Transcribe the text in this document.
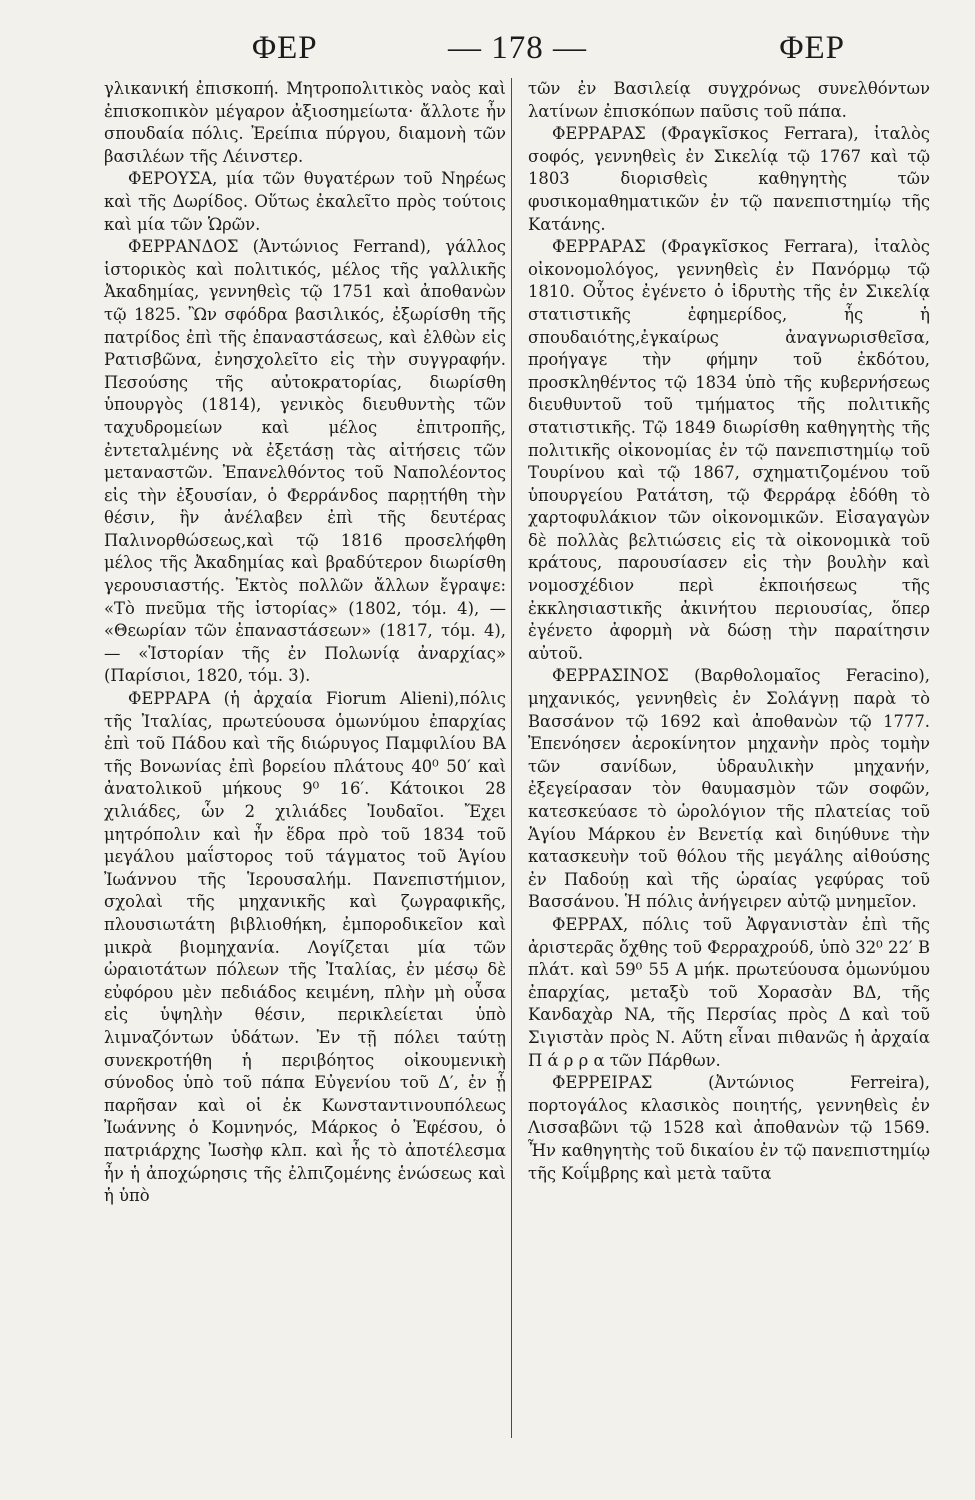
ΦΕΡ	— 178 —	ΦΕΡ

γλικανική ἐπισκοπή. Μητροπολιτικὸς ναὸς καὶ ἐπισκοπικὸν μέγαρον ἀξιοσημείωτα· ἄλλοτε ἦν σπουδαία πόλις. Ἐρείπια πύργου, διαμονὴ τῶν βασιλέων τῆς Λέινστερ.

ΦΕΡΟΥΣΑ, μία τῶν θυγατέρων τοῦ Νηρέως καὶ τῆς Δωρίδος. Οὕτως ἐκαλεῖτο πρὸς τούτοις καὶ μία τῶν Ὡρῶν.

ΦΕΡΡΑΝΔΟΣ (Ἀντώνιος Ferrand), γάλλος ἱστορικὸς καὶ πολιτικός, μέλος τῆς γαλλικῆς Ἀκαδημίας, γεννηθεὶς τῷ 1751 καὶ ἀποθανὼν τῷ 1825. Ὢν σφόδρα βασιλικός, ἐξωρίσθη τῆς πατρίδος ἐπὶ τῆς ἐπαναστάσεως, καὶ ἐλθὼν εἰς Ρατισβῶνα, ἐνησχολεῖτο εἰς τὴν συγγραφήν. Πεσούσης τῆς αὐτοκρατορίας, διωρίσθη ὑπουργὸς (1814), γενικὸς διευθυντὴς τῶν ταχυδρομείων καὶ μέλος ἐπιτροπῆς, ἐντεταλμένης νὰ ἐξετάσῃ τὰς αἰτήσεις τῶν μεταναστῶν. Ἐπανελθόντος τοῦ Ναπολέοντος εἰς τὴν ἐξουσίαν, ὁ Φερράνδος παρῃτήθη τὴν θέσιν, ἣν ἀνέλαβεν ἐπὶ τῆς δευτέρας Παλινορθώσεως,καὶ τῷ 1816 προσελήφθη μέλος τῆς Ἀκαδημίας καὶ βραδύτερον διωρίσθη γερουσιαστής. Ἐκτὸς πολλῶν ἄλλων ἔγραψε: «Τὸ πνεῦμα τῆς ἱστορίας» (1802, τόμ. 4), — «Θεωρίαν τῶν ἐπαναστάσεων» (1817, τόμ. 4),— «Ἱστορίαν τῆς ἐν Πολωνίᾳ ἀναρχίας» (Παρίσιοι, 1820, τόμ. 3).

ΦΕΡΡΑΡΑ (ἡ ἀρχαία Fiorum Alieni),πόλις τῆς Ἰταλίας, πρωτεύουσα ὁμωνύμου ἐπαρχίας ἐπὶ τοῦ Πάδου καὶ τῆς διώρυγος Παμφιλίου ΒΑ τῆς Βονωνίας ἐπὶ βορείου πλάτους 40⁰ 50′ καὶ ἀνατολικοῦ μήκους 9⁰ 16′. Κάτοικοι 28 χιλιάδες, ὧν 2 χιλιάδες Ἰουδαῖοι. Ἔχει μητρόπολιν καὶ ἦν ἕδρα πρὸ τοῦ 1834 τοῦ μεγάλου μαΐστορος τοῦ τάγματος τοῦ Ἁγίου Ἰωάννου τῆς Ἱερουσαλήμ. Πανεπιστήμιον, σχολαὶ τῆς μηχανικῆς καὶ ζωγραφικῆς, πλουσιωτάτη βιβλιοθήκη, ἐμποροδικεῖον καὶ μικρὰ βιομηχανία. Λογίζεται μία τῶν ὡραιοτάτων πόλεων τῆς Ἰταλίας, ἐν μέσῳ δὲ εὐφόρου μὲν πεδιάδος κειμένη, πλὴν μὴ οὖσα εἰς ὑψηλὴν θέσιν, περικλείεται ὑπὸ λιμναζόντων ὑδάτων. Ἐν τῇ πόλει ταύτῃ συνεκροτήθη ἡ περιβόητος οἰκουμενικὴ σύνοδος ὑπὸ τοῦ πάπα Εὐγενίου τοῦ Δ′, ἐν ᾗ παρῆσαν καὶ οἱ ἐκ Κωνσταντινουπόλεως Ἰωάννης ὁ Κομνηνός, Μάρκος ὁ Ἐφέσου, ὁ πατριάρχης Ἰωσὴφ κλπ. καὶ ἧς τὸ ἀποτέλεσμα ἦν ἡ ἀποχώρησις τῆς ἐλπιζομένης ἑνώσεως καὶ ἡ ὑπὸ

τῶν ἐν Βασιλείᾳ συγχρόνως συνελθόντων λατίνων ἐπισκόπων παῦσις τοῦ πάπα.

ΦΕΡΡΑΡΑΣ (Φραγκῖσκος Ferrara), ἰταλὸς σοφός, γεννηθεὶς ἐν Σικελίᾳ τῷ 1767 καὶ τῷ 1803 διορισθεὶς καθηγητὴς τῶν φυσικομαθηματικῶν ἐν τῷ πανεπιστημίῳ τῆς Κατάνης.

ΦΕΡΡΑΡΑΣ (Φραγκῖσκος Ferrara), ἰταλὸς οἰκονομολόγος, γεννηθεὶς ἐν Πανόρμῳ τῷ 1810. Οὗτος ἐγένετο ὁ ἱδρυτὴς τῆς ἐν Σικελίᾳ στατιστικῆς ἐφημερίδος, ἧς ἡ σπουδαιότης,ἐγκαίρως ἀναγνωρισθεῖσα, προήγαγε τὴν φήμην τοῦ ἐκδότου, προσκληθέντος τῷ 1834 ὑπὸ τῆς κυβερνήσεως διευθυντοῦ τοῦ τμήματος τῆς πολιτικῆς στατιστικῆς. Τῷ 1849 διωρίσθη καθηγητὴς τῆς πολιτικῆς οἰκονομίας ἐν τῷ πανεπιστημίῳ τοῦ Τουρίνου καὶ τῷ 1867, σχηματιζομένου τοῦ ὑπουργείου Ρατάτση, τῷ Φερράρᾳ ἐδόθη τὸ χαρτοφυλάκιον τῶν οἰκονομικῶν. Εἰσαγαγὼν δὲ πολλὰς βελτιώσεις εἰς τὰ οἰκονομικὰ τοῦ κράτους, παρουσίασεν εἰς τὴν βουλὴν καὶ νομοσχέδιον περὶ ἐκποιήσεως τῆς ἐκκλησιαστικῆς ἀκινήτου περιουσίας, ὅπερ ἐγένετο ἀφορμὴ νὰ δώσῃ τὴν παραίτησιν αὐτοῦ.

ΦΕΡΡΑΣΙΝΟΣ (Βαρθολομαῖος Feracino), μηχανικός, γεννηθεὶς ἐν Σολάγνῃ παρὰ τὸ Βασσάνον τῷ 1692 καὶ ἀποθανὼν τῷ 1777. Ἐπενόησεν ἀεροκίνητον μηχανὴν πρὸς τομὴν τῶν σανίδων, ὑδραυλικὴν μηχανήν, ἐξεγείρασαν τὸν θαυμασμὸν τῶν σοφῶν, κατεσκεύασε τὸ ὡρολόγιον τῆς πλατείας τοῦ Ἁγίου Μάρκου ἐν Βενετίᾳ καὶ διηύθυνε τὴν κατασκευὴν τοῦ θόλου τῆς μεγάλης αἰθούσης ἐν Παδούῃ καὶ τῆς ὡραίας γεφύρας τοῦ Βασσάνου. Ἡ πόλις ἀνήγειρεν αὐτῷ μνημεῖον.

ΦΕΡΡΑΧ, πόλις τοῦ Ἀφγανιστὰν ἐπὶ τῆς ἀριστερᾶς ὄχθης τοῦ Φερραχρούδ, ὑπὸ 32⁰ 22′ Β πλάτ. καὶ 59⁰ 55 Α μήκ. πρωτεύουσα ὁμωνύμου ἐπαρχίας, μεταξὺ τοῦ Χορασὰν ΒΔ, τῆς Κανδαχὰρ ΝΑ, τῆς Περσίας πρὸς Δ καὶ τοῦ Σιγιστὰν πρὸς Ν. Αὕτη εἶναι πιθανῶς ἡ ἀρχαία Π ά ρ ρ α τῶν Πάρθων.

ΦΕΡΡΕΙΡΑΣ (Ἀντώνιος Ferreira), πορτογάλος κλασικὸς ποιητής, γεννηθεὶς ἐν Λισσαβῶνι τῷ 1528 καὶ ἀποθανὼν τῷ 1569. Ἦν καθηγητὴς τοῦ δικαίου ἐν τῷ πανεπιστημίῳ τῆς Κοΐμβρης καὶ μετὰ ταῦτα
